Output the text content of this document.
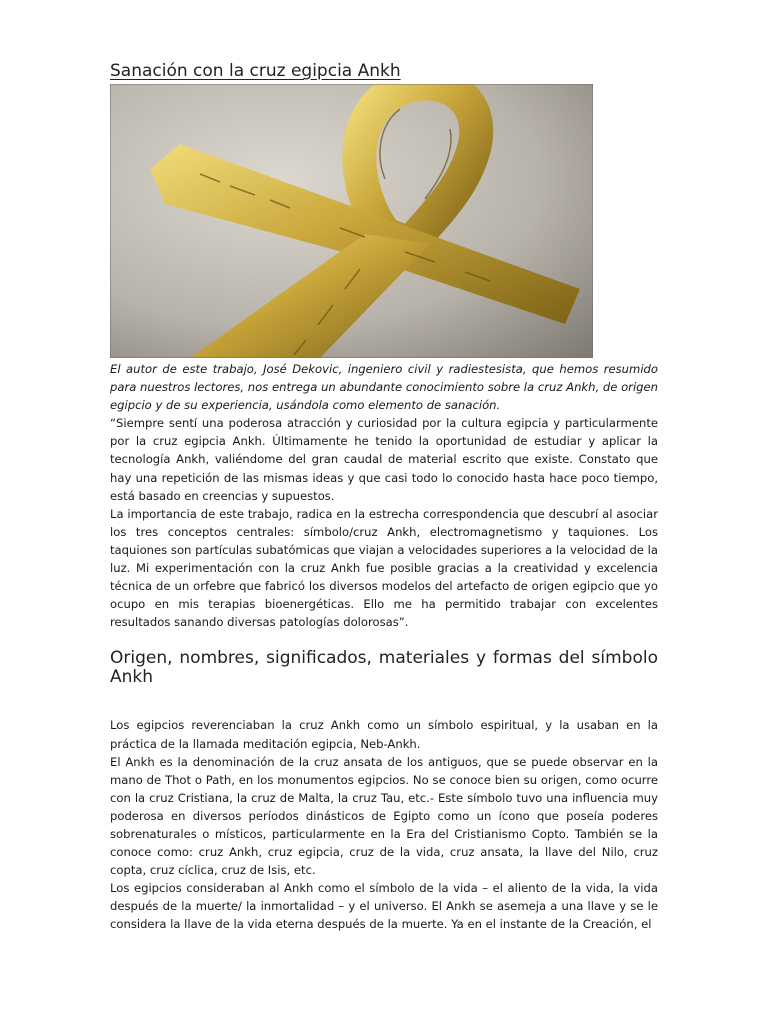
Sanación con la cruz egipcia Ankh

El autor de este trabajo, José Dekovic, ingeniero civil y radiestesista, que hemos resumido para nuestros lectores, nos entrega un abundante conocimiento sobre la cruz Ankh, de origen egipcio y de su experiencia, usándola como elemento de sanación.

“Siempre sentí una poderosa atracción y curiosidad por la cultura egipcia y particularmente por la cruz egipcia Ankh. Últimamente he tenido la oportunidad de estudiar y aplicar la tecnología Ankh, valiéndome del gran caudal de material escrito que existe. Constato que hay una repetición de las mismas ideas y que casi todo lo conocido hasta hace poco tiempo, está basado en creencias y supuestos.

La importancia de este trabajo, radica en la estrecha correspondencia que descubrí al asociar los tres conceptos centrales: símbolo/cruz Ankh, electromagnetismo y taquiones. Los taquiones son partículas subatómicas que viajan a velocidades superiores a la velocidad de la luz. Mi experimentación con la cruz Ankh fue posible gracias a la creatividad y excelencia técnica de un orfebre que fabricó los diversos modelos del artefacto de origen egipcio que yo ocupo en mis terapias bioenergéticas. Ello me ha permitido trabajar con excelentes resultados sanando diversas patologías dolorosas”.

Origen, nombres, significados, materiales y formas del símbolo Ankh

Los egipcios reverenciaban la cruz Ankh como un símbolo espiritual, y la usaban en la práctica de la llamada meditación egipcia, Neb-Ankh.

El Ankh es la denominación de la cruz ansata de los antiguos, que se puede observar en la mano de Thot o Path, en los monumentos egipcios. No se conoce bien su origen, como ocurre con la cruz Cristiana, la cruz de Malta, la cruz Tau, etc.- Este símbolo tuvo una influencia muy poderosa en diversos períodos dinásticos de Egipto como un ícono que poseía poderes sobrenaturales o místicos, particularmente en la Era del Cristianismo Copto. También se la conoce como: cruz Ankh, cruz egipcia, cruz de la vida, cruz ansata, la llave del Nilo, cruz copta, cruz cíclica, cruz de Isis, etc.

Los egipcios consideraban al Ankh como el símbolo de la vida – el aliento de la vida, la vida después de la muerte/ la inmortalidad – y el universo. El Ankh se asemeja a una llave y se le considera la llave de la vida eterna después de la muerte. Ya en el instante de la Creación, el
